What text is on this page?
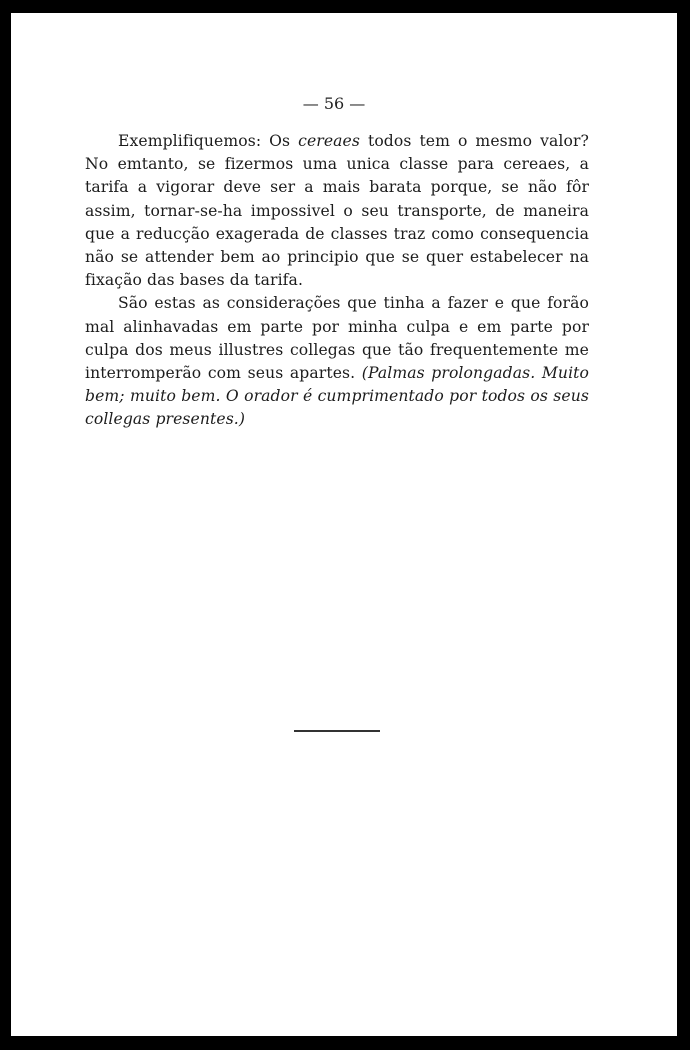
— 56 —

Exemplifiquemos: Os cereaes todos tem o mesmo valor? No emtanto, se fizermos uma unica classe para cereaes, a tarifa a vigorar deve ser a mais barata porque, se não fôr assim, tornar-se-ha impossivel o seu transporte, de maneira que a reducção exagerada de classes traz como consequencia não se attender bem ao principio que se quer estabelecer na fixação das bases da tarifa.

São estas as considerações que tinha a fazer e que forão mal alinhavadas em parte por minha culpa e em parte por culpa dos meus illustres collegas que tão frequentemente me interromperão com seus apartes. (Palmas prolongadas. Muito bem; muito bem. O orador é cumprimentado por todos os seus collegas presentes.)
